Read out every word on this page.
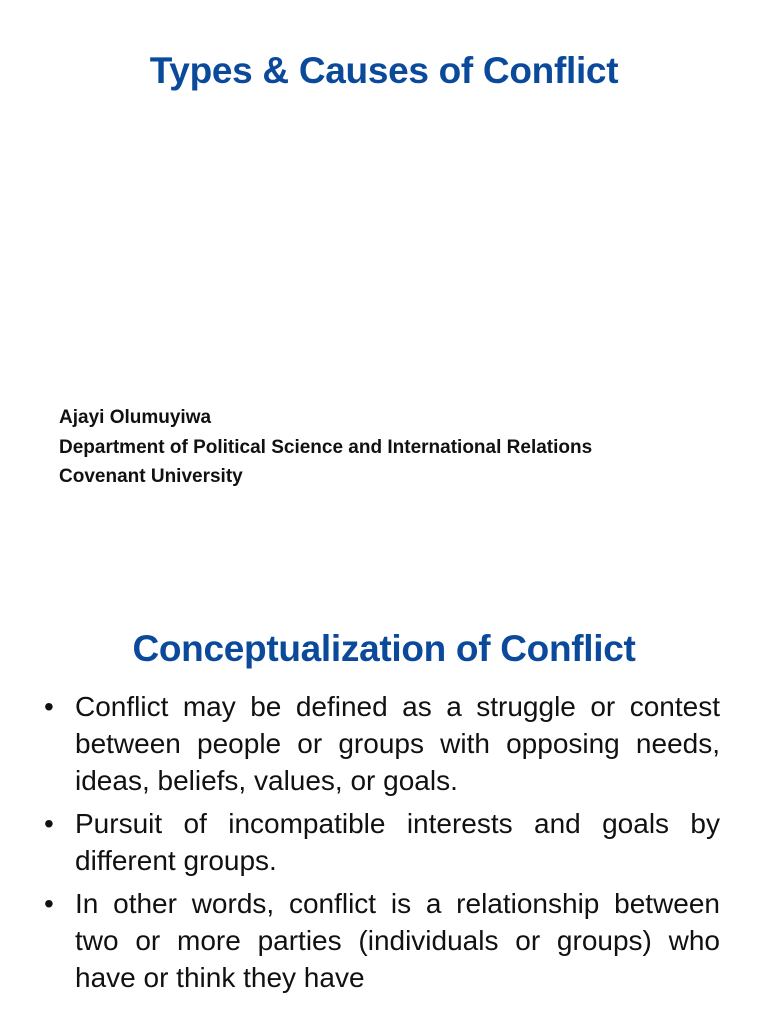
Types & Causes of Conflict
Ajayi Olumuyiwa
Department of Political Science and International Relations
Covenant University
Conceptualization of Conflict
• Conflict may be defined as a struggle or contest between people or groups with opposing needs, ideas, beliefs, values, or goals.
• Pursuit of incompatible interests and goals by different groups.
• In other words, conflict is a relationship between two or more parties (individuals or groups) who have or think they have
